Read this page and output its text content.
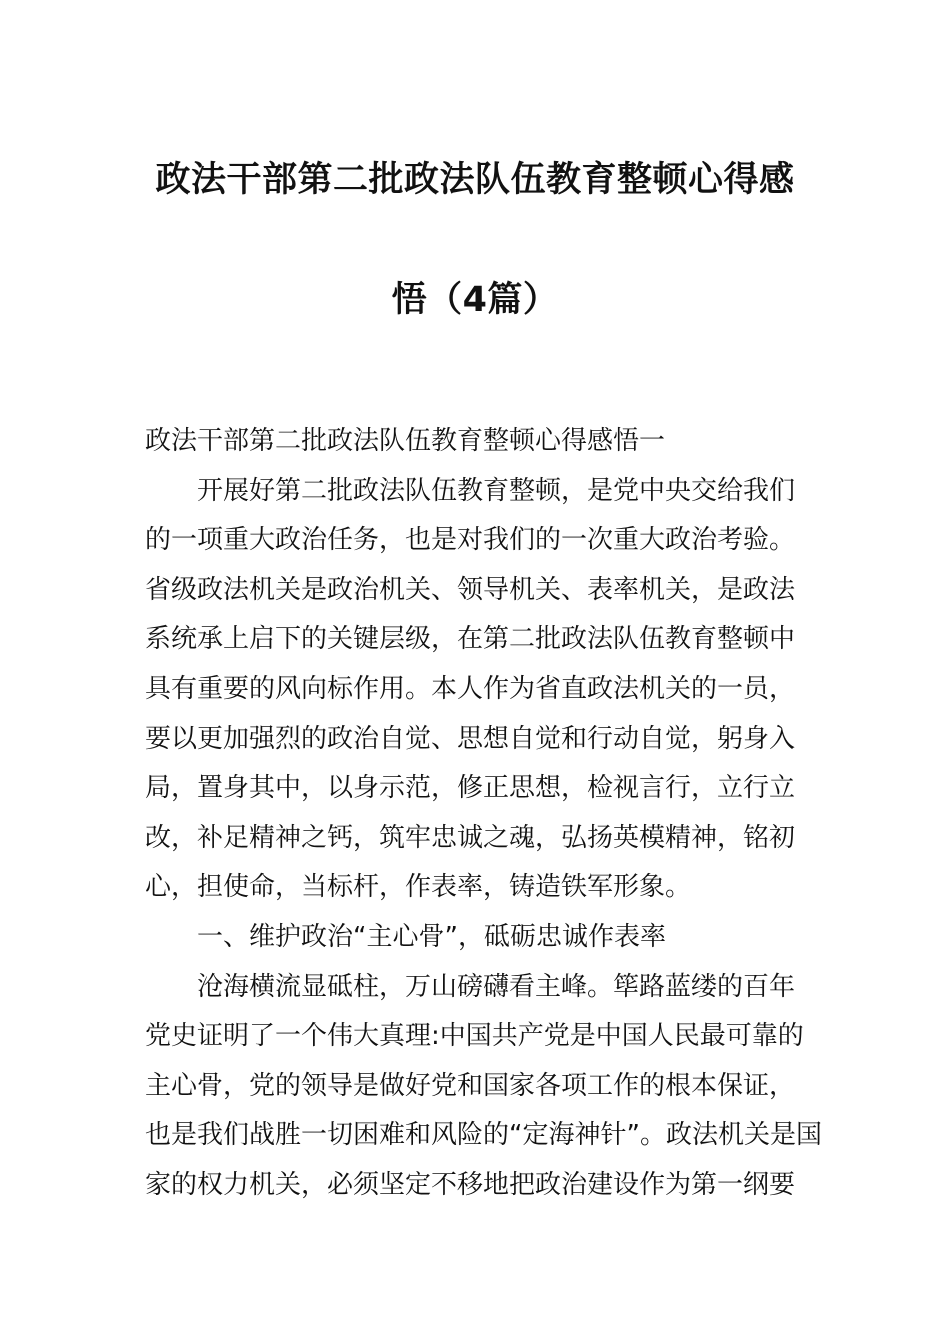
政法干部第二批政法队伍教育整顿心得感
悟（4篇）
政法干部第二批政法队伍教育整顿心得感悟一
开展好第二批政法队伍教育整顿，是党中央交给我们
的一项重大政治任务，也是对我们的一次重大政治考验。
省级政法机关是政治机关、领导机关、表率机关，是政法
系统承上启下的关键层级，在第二批政法队伍教育整顿中
具有重要的风向标作用。本人作为省直政法机关的一员，
要以更加强烈的政治自觉、思想自觉和行动自觉，躬身入
局，置身其中，以身示范，修正思想，检视言行，立行立
改，补足精神之钙，筑牢忠诚之魂，弘扬英模精神，铭初
心，担使命，当标杆，作表率，铸造铁军形象。
一、维护政治“主心骨”，砥砺忠诚作表率
沧海横流显砥柱，万山磅礴看主峰。筚路蓝缕的百年
党史证明了一个伟大真理:中国共产党是中国人民最可靠的
主心骨，党的领导是做好党和国家各项工作的根本保证，
也是我们战胜一切困难和风险的“定海神针”。政法机关是国
家的权力机关，必须坚定不移地把政治建设作为第一纲要
